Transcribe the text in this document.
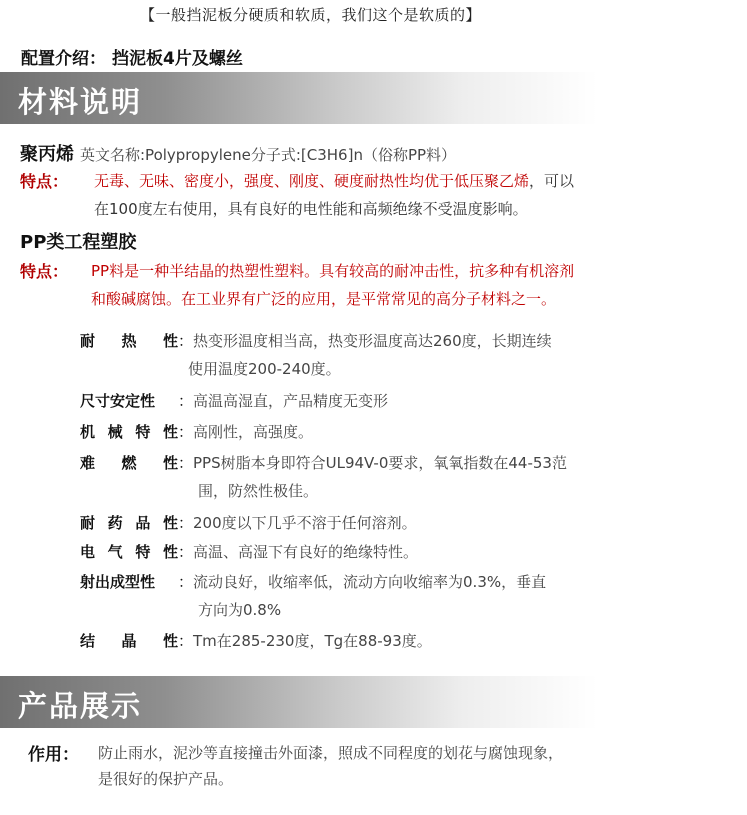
【一般挡泥板分硬质和软质，我们这个是软质的】
配置介绍： 挡泥板4片及螺丝
材料说明
聚丙烯 英文名称:Polypropylene分子式:[C3H6]n（俗称PP料）
特点： 无毒、无味、密度小，强度、刚度、硬度耐热性均优于低压聚乙烯，可以
在100度左右使用，具有良好的电性能和高频绝缘不受温度影响。
PP类工程塑胶
特点： PP料是一种半结晶的热塑性塑料。具有较高的耐冲击性，抗多种有机溶剂
和酸碱腐蚀。在工业界有广泛的应用，是平常常见的高分子材料之一。
耐热性 ：热变形温度相当高，热变形温度高达260度，长期连续
使用温度200-240度。
尺寸安定性	：高温高湿直，产品精度无变形
机械特性 ：高刚性，高强度。
难燃性 ：PPS树脂本身即符合UL94V-0要求，氧氧指数在44-53范
围，防然性极佳。
耐药品性 ：200度以下几乎不溶于任何溶剂。
电气特性 ：高温、高湿下有良好的绝缘特性。
射出成型性	：流动良好，收缩率低，流动方向收缩率为0.3%，垂直
方向为0.8%
结晶性 ：Tm在285-230度，Tg在88-93度。
产品展示
作用： 防止雨水，泥沙等直接撞击外面漆，照成不同程度的划花与腐蚀现象，
是很好的保护产品。
